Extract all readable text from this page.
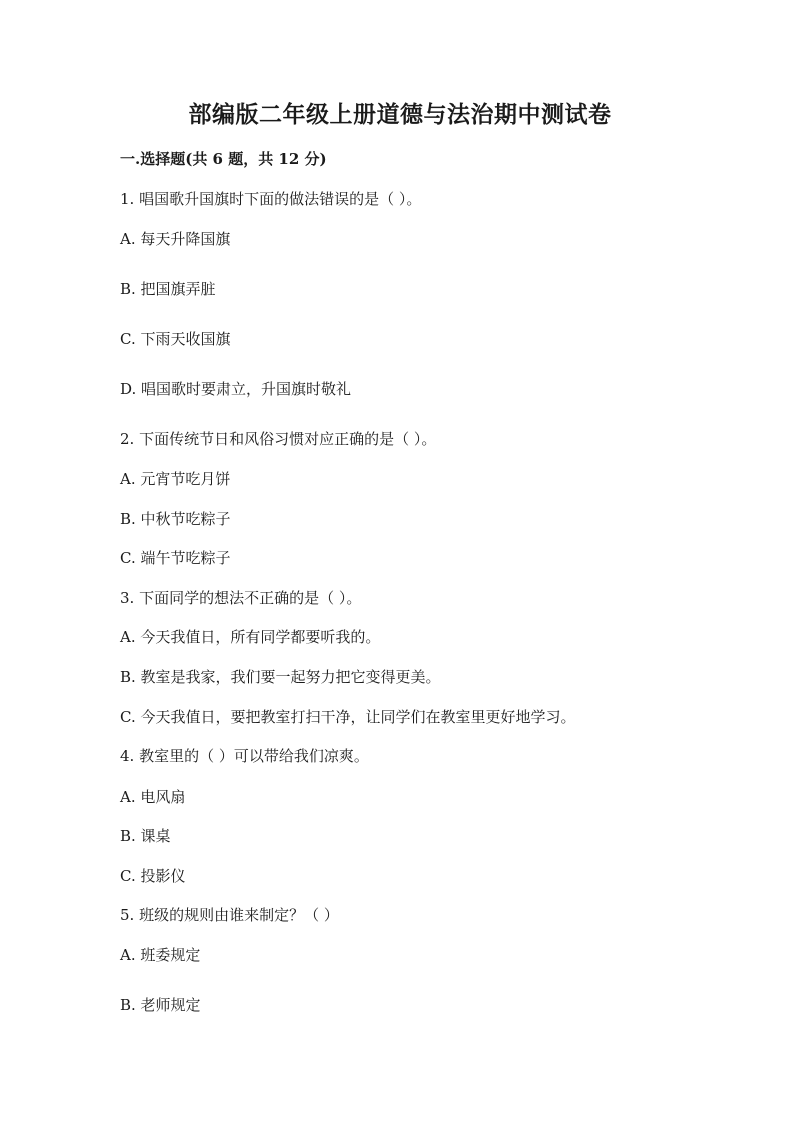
部编版二年级上册道德与法治期中测试卷
一.选择题(共 6 题，共 12 分)
1. 唱国歌升国旗时下面的做法错误的是（ ）。
A. 每天升降国旗
B. 把国旗弄脏
C. 下雨天收国旗
D. 唱国歌时要肃立，升国旗时敬礼
2. 下面传统节日和风俗习惯对应正确的是（ ）。
A. 元宵节吃月饼
B. 中秋节吃粽子
C. 端午节吃粽子
3. 下面同学的想法不正确的是（ ）。
A. 今天我值日，所有同学都要听我的。
B. 教室是我家，我们要一起努力把它变得更美。
C. 今天我值日，要把教室打扫干净，让同学们在教室里更好地学习。
4. 教室里的（ ）可以带给我们凉爽。
A. 电风扇
B. 课桌
C. 投影仪
5. 班级的规则由谁来制定？（ ）
A. 班委规定
B. 老师规定
